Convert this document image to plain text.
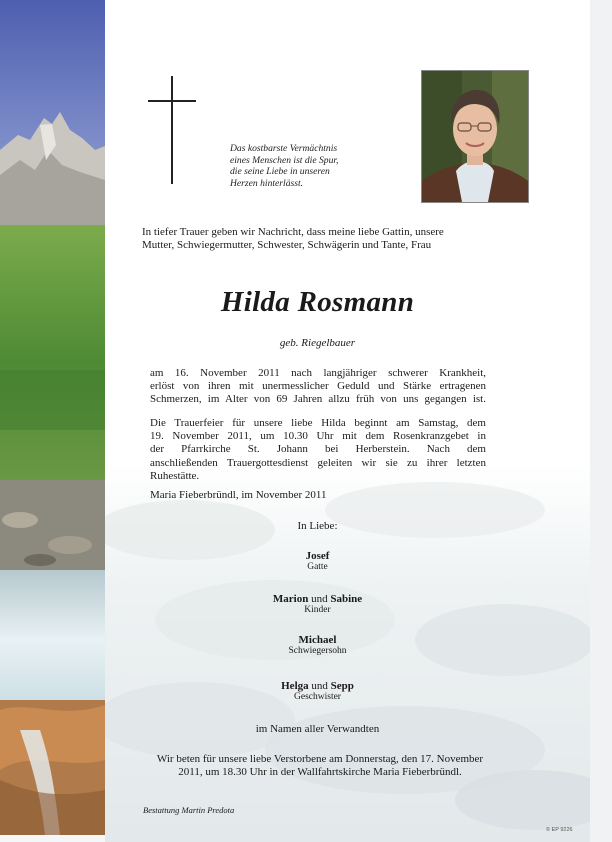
Das kostbarste Vermächtnis
eines Menschen ist die Spur,
die seine Liebe in unseren
Herzen hinterlässt.
In tiefer Trauer geben wir Nachricht, dass meine liebe Gattin, unsere
Mutter, Schwiegermutter, Schwester, Schwägerin und Tante, Frau
Hilda Rosmann
geb. Riegelbauer
am 16. November 2011 nach langjähriger schwerer Krankheit,
erlöst von ihren mit unermesslicher Geduld und Stärke ertragenen
Schmerzen, im Alter von 69 Jahren allzu früh von uns gegangen ist.
Die Trauerfeier für unsere liebe Hilda beginnt am Samstag, dem
19. November 2011, um 10.30 Uhr mit dem Rosenkranzgebet in
der Pfarrkirche St. Johann bei Herberstein. Nach dem
anschließenden Trauergottesdienst geleiten wir sie zu ihrer letzten
Ruhestätte.
Maria Fieberbründl, im November 2011
In Liebe:
Josef
Gatte
Marion und Sabine
Kinder
Michael
Schwiegersohn
Helga und Sepp
Geschwister
im Namen aller Verwandten
Wir beten für unsere liebe Verstorbene am Donnerstag, den 17. November
2011, um 18.30 Uhr in der Wallfahrtskirche Maria Fieberbründl.
Bestattung Martin Predota
© EP 9226
